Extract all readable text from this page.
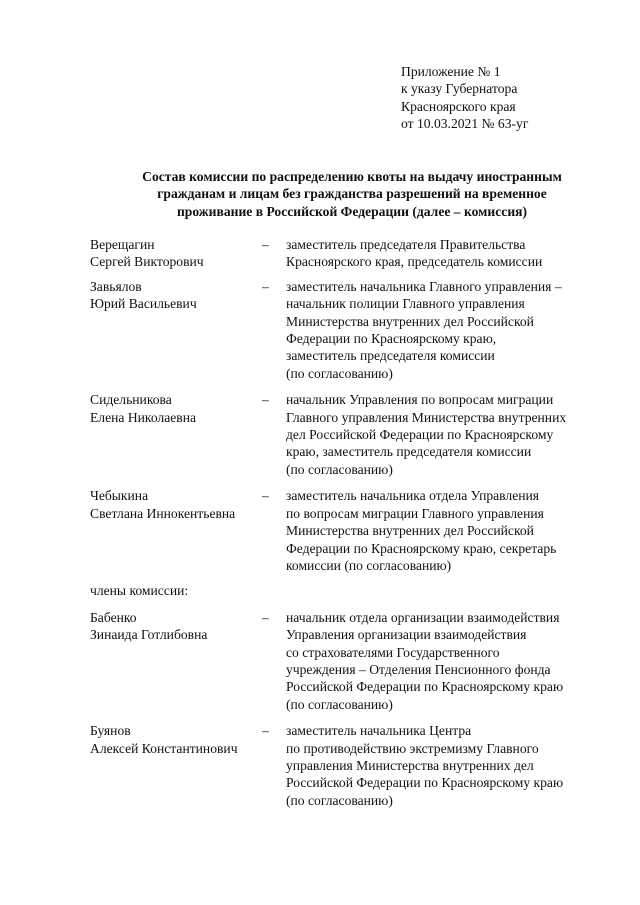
Приложение № 1
к указу Губернатора
Красноярского края
от 10.03.2021 № 63-уг
Состав комиссии по распределению квоты на выдачу иностранным
гражданам и лицам без гражданства разрешений на временное
проживание в Российской Федерации (далее – комиссия)
Верещагин
Сергей Викторович
–	заместитель председателя Правительства
Красноярского края, председатель комиссии
Завьялов
Юрий Васильевич
–	заместитель начальника Главного управления –
начальник полиции Главного управления
Министерства внутренних дел Российской
Федерации по Красноярскому краю,
заместитель председателя комиссии
(по согласованию)
Сидельникова
Елена Николаевна
–	начальник Управления по вопросам миграции
Главного управления Министерства внутренних
дел Российской Федерации по Красноярскому
краю, заместитель председателя комиссии
(по согласованию)
Чебыкина
Светлана Иннокентьевна
–	заместитель начальника отдела Управления
по вопросам миграции Главного управления
Министерства внутренних дел Российской
Федерации по Красноярскому краю, секретарь
комиссии (по согласованию)
члены комиссии:
Бабенко
Зинаида Готлибовна
–	начальник отдела организации взаимодействия
Управления организации взаимодействия
со страхователями Государственного
учреждения – Отделения Пенсионного фонда
Российской Федерации по Красноярскому краю
(по согласованию)
Буянов
Алексей Константинович
–	заместитель начальника Центра
по противодействию экстремизму Главного
управления Министерства внутренних дел
Российской Федерации по Красноярскому краю
(по согласованию)
